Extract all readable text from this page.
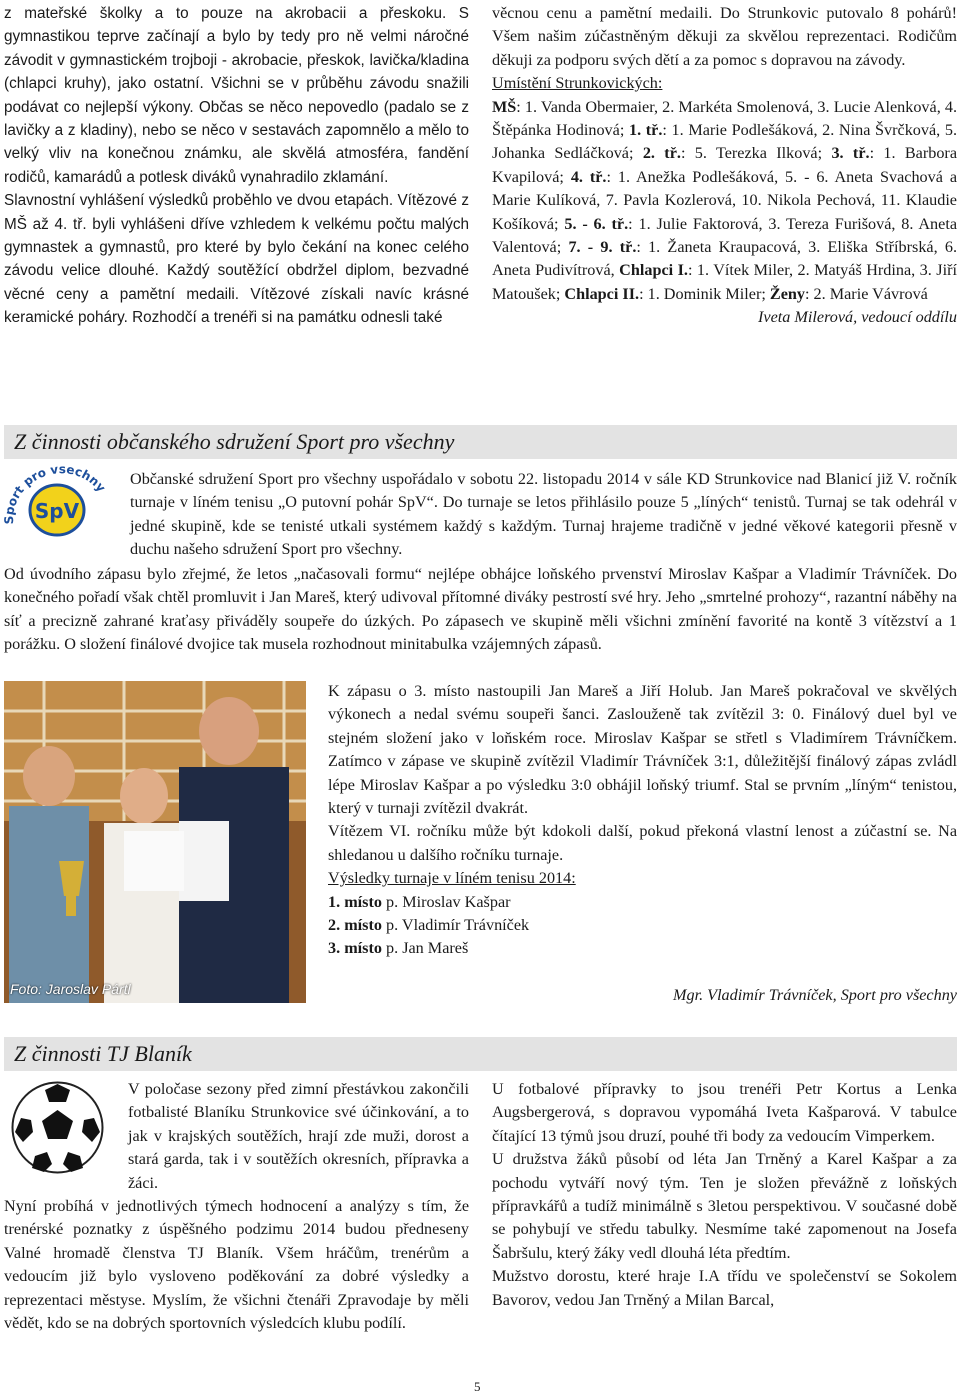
z mateřské školky a to pouze na akrobacii a přeskoku. S gymnastikou teprve začínají a bylo by tedy pro ně velmi náročné závodit v gymnastickém trojboji - akrobacie, přeskok, lavička/kladina (chlapci kruhy), jako ostatní. Všichni se v průběhu závodu snažili podávat co nejlepší výkony. Občas se něco nepovedlo (padalo se z lavičky a z kladiny), nebo se něco v sestavách zapomnělo a mělo to velký vliv na konečnou známku, ale skvělá atmosféra, fandění rodičů, kamarádů a potlesk diváků vynahradilo zklamání.

Slavnostní vyhlášení výsledků proběhlo ve dvou etapách. Vítězové z MŠ až 4. tř. byli vyhlášeni dříve vzhledem k velkému počtu malých gymnastek a gymnastů, pro které by bylo čekání na konec celého závodu velice dlouhé. Každý soutěžící obdržel diplom, bezvadné věcné ceny a pamětní medaili. Vítězové získali navíc krásné keramické poháry. Rozhodčí a trenéři si na památku odnesli také

věcnou cenu a pamětní medaili. Do Strunkovic putovalo 8 pohárů! Všem našim zúčastněným děkuji za skvělou reprezentaci. Rodičům děkuji za podporu svých dětí a za pomoc s dopravou na závody.

Umístění Strunkovických:

MŠ: 1. Vanda Obermaier, 2. Markéta Smolenová, 3. Lucie Alenková, 4. Štěpánka Hodinová; 1. tř.: 1. Marie Podlešáková, 2. Nina Švrčková, 5. Johanka Sedláčková; 2. tř.: 5. Terezka Ilková; 3. tř.: 1. Barbora Kvapilová; 4. tř.: 1. Anežka Podlešáková, 5. - 6. Aneta Svachová a Marie Kulíková, 7. Pavla Kozlerová, 10. Nikola Pechová, 11. Klaudie Košíková; 5. - 6. tř.: 1. Julie Faktorová, 3. Tereza Furišová, 8. Aneta Valentová; 7. - 9. tř.: 1. Žaneta Kraupacová, 3. Eliška Stříbrská, 6. Aneta Pudivítrová, Chlapci I.: 1. Vítek Miler, 2. Matyáš Hrdina, 3. Jiří Matoušek; Chlapci II.: 1. Dominik Miler; Ženy: 2. Marie Vávrová

Iveta Milerová, vedoucí oddílu

Z činnosti občanského sdružení Sport pro všechny
SpV
Sport pro všechny Občanské sdružení Sport pro všechny uspořádalo v sobotu 22. listopadu 2014 v sále KD Strunkovice nad Blanicí již V. ročník turnaje v líném tenisu „O putovní pohár SpV“. Do turnaje se letos přihlásilo pouze 5 „líných“ tenistů. Turnaj se tak odehrál v jedné skupině, kde se tenisté utkali systémem každý s každým. Turnaj hrajeme tradičně v jedné věkové kategorii přesně v duchu našeho sdružení Sport pro všechny.

Od úvodního zápasu bylo zřejmé, že letos „načasovali formu“ nejlépe obhájce loňského prvenství Miroslav Kašpar a Vladimír Trávníček. Do konečného pořadí však chtěl promluvit i Jan Mareš, který udivoval přítomné diváky pestrostí své hry. Jeho „smrtelné prohozy“, razantní náběhy na síť a precizně zahrané kraťasy přiváděly soupeře do úzkých. Po zápasech ve skupině měli všichni zmínění favorité na kontě 3 vítězství a 1 porážku. O složení finálové dvojice tak musela rozhodnout minitabulka vzájemných zápasů.

Foto: Jaroslav Pártl

K zápasu o 3. místo nastoupili Jan Mareš a Jiří Holub. Jan Mareš pokračoval ve skvělých výkonech a nedal svému soupeři šanci. Zaslouženě tak zvítězil 3: 0. Finálový duel byl ve stejném složení jako v loňském roce. Miroslav Kašpar se střetl s Vladimírem Trávníčkem. Zatímco v zápase ve skupině zvítězil Vladimír Trávníček 3:1, důležitější finálový zápas zvládl lépe Miroslav Kašpar a po výsledku 3:0 obhájil loňský triumf. Stal se prvním „líným“ tenistou, který v turnaji zvítězil dvakrát.

Vítězem VI. ročníku může být kdokoli další, pokud překoná vlastní lenost a zúčastní se. Na shledanou u dalšího ročníku turnaje.

Výsledky turnaje v líném tenisu 2014:

1. místo p. Miroslav Kašpar

2. místo p. Vladimír Trávníček

3. místo p. Jan Mareš

Mgr. Vladimír Trávníček, Sport pro všechny
Z činnosti TJ Blaník

V poločase sezony před zimní přestávkou zakončili fotbalisté Blaníku Strunkovice své účinkování, a to jak v krajských soutěžích, hrají zde muži, dorost a stará garda, tak i v soutěžích okresních, přípravka a žáci.

Nyní probíhá v jednotlivých týmech hodnocení a analýzy s tím, že trenérské poznatky z úspěšného podzimu 2014 budou předneseny Valné hromadě členstva TJ Blaník. Všem hráčům, trenérům a vedoucím již bylo vysloveno poděkování za dobré výsledky a reprezentaci městyse. Myslím, že všichni čtenáři Zpravodaje by měli vědět, kdo se na dobrých sportovních výsledcích klubu podílí.

U fotbalové přípravky to jsou trenéři Petr Kortus a Lenka Augsbergerová, s dopravou vypomáhá Iveta Kašparová. V tabulce čítající 13 týmů jsou druzí, pouhé tři body za vedoucím Vimperkem.

U družstva žáků působí od léta Jan Trněný a Karel Kašpar a za pochodu vytváří nový tým. Ten je složen převážně z loňských přípravkářů a tudíž minimálně s 3letou perspektivou. V současné době se pohybují ve středu tabulky. Nesmíme také zapomenout na Josefa Šabršulu, který žáky vedl dlouhá léta předtím.

Mužstvo dorostu, které hraje I.A třídu ve společenství se Sokolem Bavorov, vedou Jan Trněný a Milan Barcal,

5
